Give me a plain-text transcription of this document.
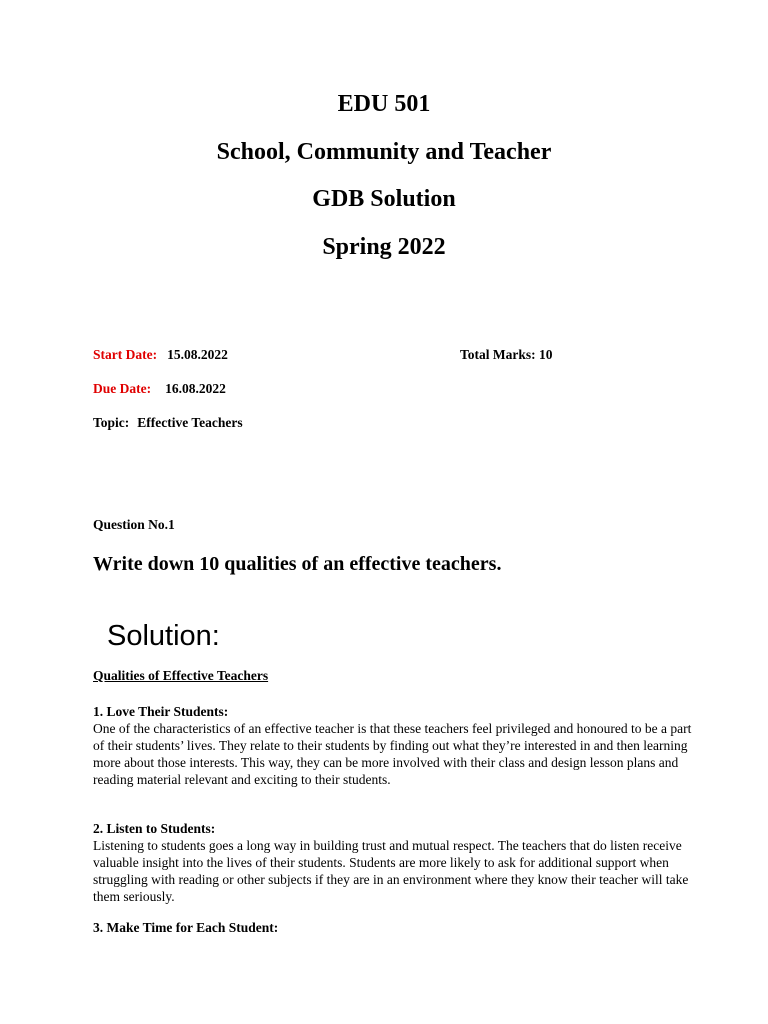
EDU 501
School, Community and Teacher
GDB Solution
Spring 2022
Start Date: 15.08.2022	Total Marks: 10
Due Date: 16.08.2022
Topic: Effective Teachers
Question No.1
Write down 10 qualities of an effective teachers.
Solution:
Qualities of Effective Teachers
1. Love Their Students:
One of the characteristics of an effective teacher is that these teachers feel privileged and honoured to be a part of their students’ lives. They relate to their students by finding out what they’re interested in and then learning more about those interests. This way, they can be more involved with their class and design lesson plans and reading material relevant and exciting to their students.
2. Listen to Students:
Listening to students goes a long way in building trust and mutual respect. The teachers that do listen receive valuable insight into the lives of their students. Students are more likely to ask for additional support when struggling with reading or other subjects if they are in an environment where they know their teacher will take them seriously.
3. Make Time for Each Student:
